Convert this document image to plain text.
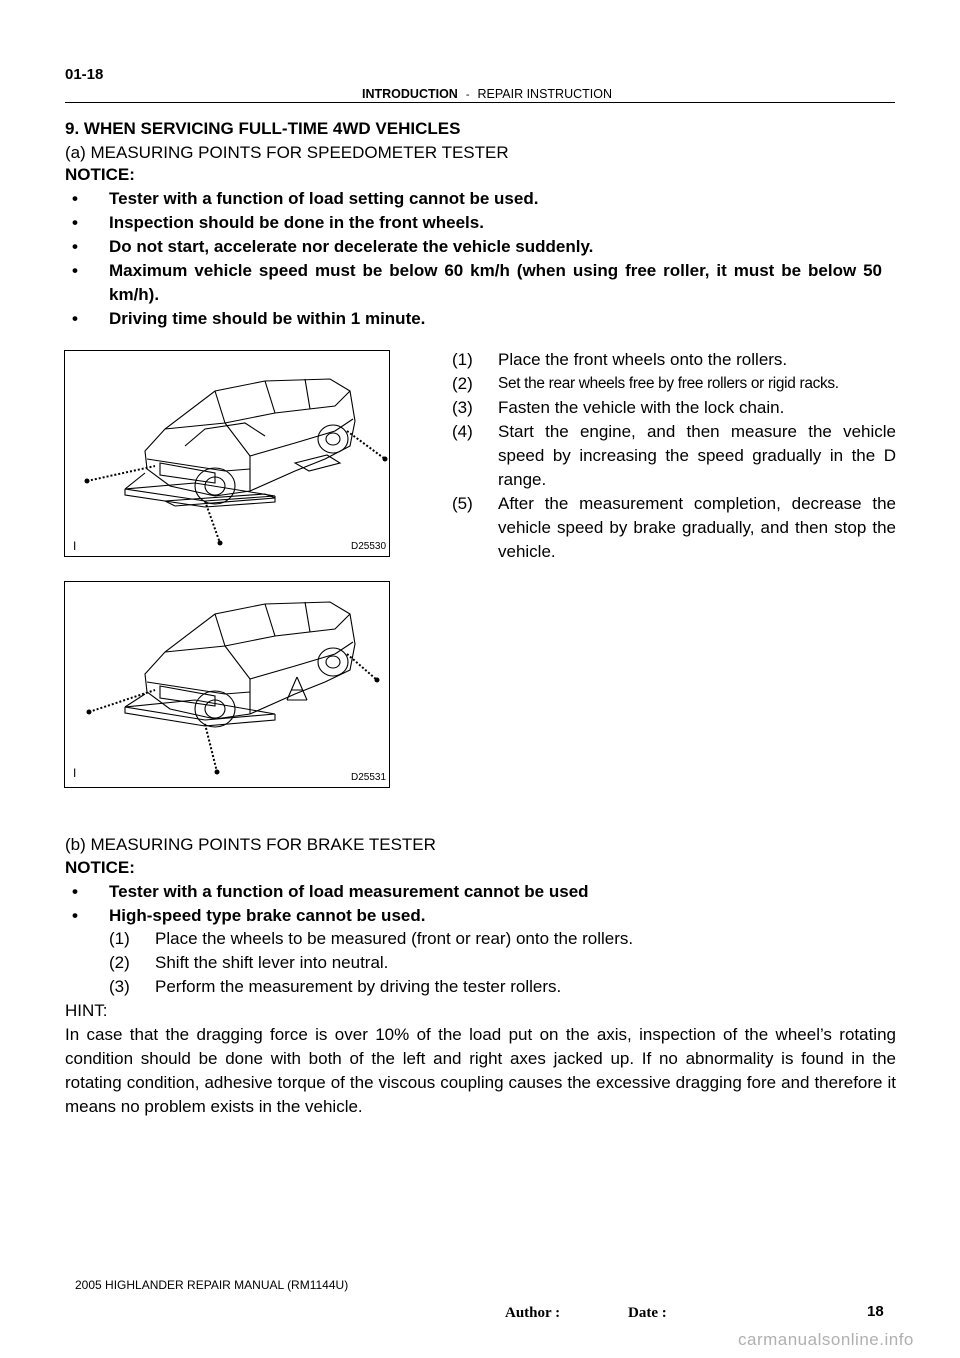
01-18
INTRODUCTION - REPAIR INSTRUCTION
9. WHEN SERVICING FULL-TIME 4WD VEHICLES
(a) MEASURING POINTS FOR SPEEDOMETER TESTER
NOTICE:
• Tester with a function of load setting cannot be used.
• Inspection should be done in the front wheels.
• Do not start, accelerate nor decelerate the vehicle suddenly.
• Maximum vehicle speed must be below 60 km/h (when using free roller, it must be below 50
km/h).
• Driving time should be within 1 minute.
I	D25530
(1) Place the front wheels onto the rollers.
(2) Set the rear wheels free by free rollers or rigid racks.
(3) Fasten the vehicle with the lock chain.
(4) Start the engine, and then measure the vehicle speed by increasing the speed gradually in the D range.
(5) After the measurement completion, decrease the vehicle speed by brake gradually, and then stop the vehicle.
I	D25531
(b) MEASURING POINTS FOR BRAKE TESTER
NOTICE:
• Tester with a function of load measurement cannot be used
• High-speed type brake cannot be used.
(1) Place the wheels to be measured (front or rear) onto the rollers.
(2) Shift the shift lever into neutral.
(3) Perform the measurement by driving the tester rollers.
HINT:
In case that the dragging force is over 10% of the load put on the axis, inspection of the wheel’s rotating condition should be done with both of the left and right axes jacked up. If no abnormality is found in the rotating condition, adhesive torque of the viscous coupling causes the excessive dragging fore and therefore it means no problem exists in the vehicle.
2005 HIGHLANDER REPAIR MANUAL (RM1144U)
Author :	Date :	18
carmanualsonline.info
